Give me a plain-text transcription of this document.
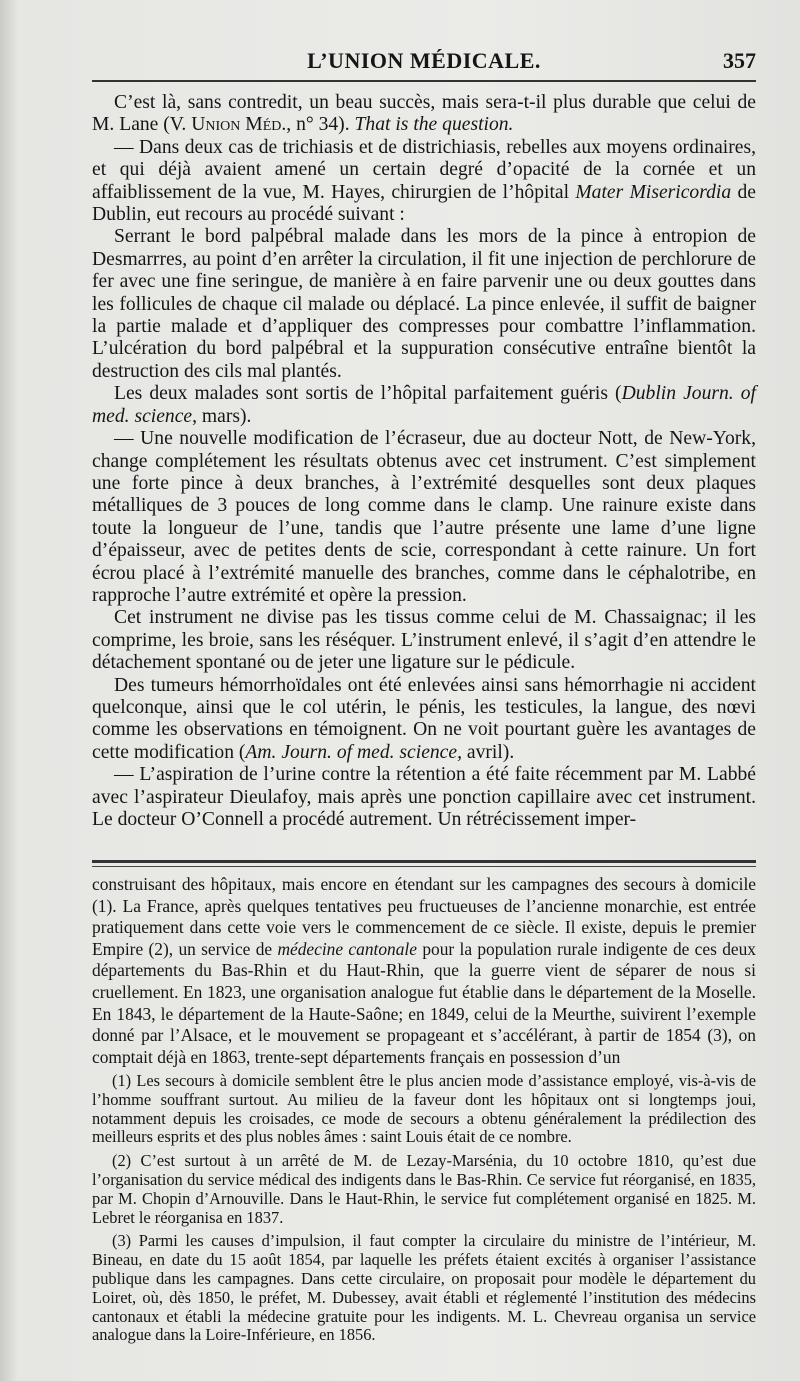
L’UNION MÉDICALE.	357

C’est là, sans contredit, un beau succès, mais sera-t-il plus durable que celui de M. Lane (V. Union Méd., n° 34). That is the question.

— Dans deux cas de trichiasis et de districhiasis, rebelles aux moyens ordinaires, et qui déjà avaient amené un certain degré d’opacité de la cornée et un affaiblissement de la vue, M. Hayes, chirurgien de l’hôpital Mater Misericordia de Dublin, eut recours au procédé suivant :

Serrant le bord palpébral malade dans les mors de la pince à entropion de Desmarrres, au point d’en arrêter la circulation, il fit une injection de perchlorure de fer avec une fine seringue, de manière à en faire parvenir une ou deux gouttes dans les follicules de chaque cil malade ou déplacé. La pince enlevée, il suffit de baigner la partie malade et d’appliquer des compresses pour combattre l’inflammation. L’ulcération du bord palpébral et la suppuration consécutive entraîne bientôt la destruction des cils mal plantés.

Les deux malades sont sortis de l’hôpital parfaitement guéris (Dublin Journ. of med. science, mars).

— Une nouvelle modification de l’écraseur, due au docteur Nott, de New-York, change complétement les résultats obtenus avec cet instrument. C’est simplement une forte pince à deux branches, à l’extrémité desquelles sont deux plaques métalliques de 3 pouces de long comme dans le clamp. Une rainure existe dans toute la longueur de l’une, tandis que l’autre présente une lame d’une ligne d’épaisseur, avec de petites dents de scie, correspondant à cette rainure. Un fort écrou placé à l’extrémité manuelle des branches, comme dans le céphalotribe, en rapproche l’autre extrémité et opère la pression.

Cet instrument ne divise pas les tissus comme celui de M. Chassaignac; il les comprime, les broie, sans les réséquer. L’instrument enlevé, il s’agit d’en attendre le détachement spontané ou de jeter une ligature sur le pédicule.

Des tumeurs hémorrhoïdales ont été enlevées ainsi sans hémorrhagie ni accident quelconque, ainsi que le col utérin, le pénis, les testicules, la langue, des nœvi comme les observations en témoignent. On ne voit pourtant guère les avantages de cette modification (Am. Journ. of med. science, avril).

— L’aspiration de l’urine contre la rétention a été faite récemment par M. Labbé avec l’aspirateur Dieulafoy, mais après une ponction capillaire avec cet instrument. Le docteur O’Connell a procédé autrement. Un rétrécissement imper-

construisant des hôpitaux, mais encore en étendant sur les campagnes des secours à domicile (1). La France, après quelques tentatives peu fructueuses de l’ancienne monarchie, est entrée pratiquement dans cette voie vers le commencement de ce siècle. Il existe, depuis le premier Empire (2), un service de médecine cantonale pour la population rurale indigente de ces deux départements du Bas-Rhin et du Haut-Rhin, que la guerre vient de séparer de nous si cruellement. En 1823, une organisation analogue fut établie dans le département de la Moselle. En 1843, le département de la Haute-Saône; en 1849, celui de la Meurthe, suivirent l’exemple donné par l’Alsace, et le mouvement se propageant et s’accélérant, à partir de 1854 (3), on comptait déjà en 1863, trente-sept départements français en possession d’un

(1) Les secours à domicile semblent être le plus ancien mode d’assistance employé, vis-à-vis de l’homme souffrant surtout. Au milieu de la faveur dont les hôpitaux ont si longtemps joui, notamment depuis les croisades, ce mode de secours a obtenu généralement la prédilection des meilleurs esprits et des plus nobles âmes : saint Louis était de ce nombre.

(2) C’est surtout à un arrêté de M. de Lezay-Marsénia, du 10 octobre 1810, qu’est due l’organisation du service médical des indigents dans le Bas-Rhin. Ce service fut réorganisé, en 1835, par M. Chopin d’Arnouville. Dans le Haut-Rhin, le service fut complétement organisé en 1825. M. Lebret le réorganisa en 1837.

(3) Parmi les causes d’impulsion, il faut compter la circulaire du ministre de l’intérieur, M. Bineau, en date du 15 août 1854, par laquelle les préfets étaient excités à organiser l’assistance publique dans les campagnes. Dans cette circulaire, on proposait pour modèle le département du Loiret, où, dès 1850, le préfet, M. Dubessey, avait établi et réglementé l’institution des médecins cantonaux et établi la médecine gratuite pour les indigents. M. L. Chevreau organisa un service analogue dans la Loire-Inférieure, en 1856.
